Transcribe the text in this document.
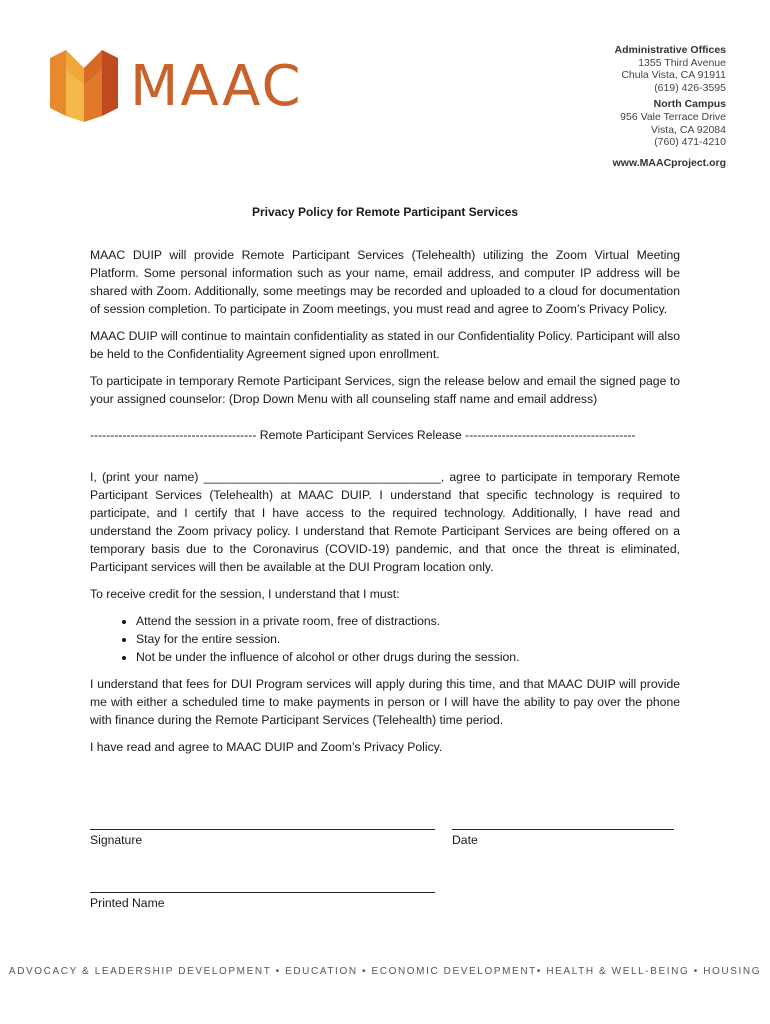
MAAC
Administrative Offices
1355 Third Avenue
Chula Vista, CA 91911
(619) 426-3595
North Campus
956 Vale Terrace Drive
Vista, CA 92084
(760) 471-4210
www.MAACproject.org
Privacy Policy for Remote Participant Services

MAAC DUIP will provide Remote Participant Services (Telehealth) utilizing the Zoom Virtual Meeting Platform. Some personal information such as your name, email address, and computer IP address will be shared with Zoom. Additionally, some meetings may be recorded and uploaded to a cloud for documentation of session completion. To participate in Zoom meetings, you must read and agree to Zoom’s Privacy Policy.

MAAC DUIP will continue to maintain confidentiality as stated in our Confidentiality Policy. Participant will also be held to the Confidentiality Agreement signed upon enrollment.

To participate in temporary Remote Participant Services, sign the release below and email the signed page to your assigned counselor: (Drop Down Menu with all counseling staff name and email address)

----------------------------------------- Remote Participant Services Release ------------------------------------------

I, (print your name) ___________________________________, agree to participate in temporary Remote Participant Services (Telehealth) at MAAC DUIP. I understand that specific technology is required to participate, and I certify that I have access to the required technology. Additionally, I have read and understand the Zoom privacy policy. I understand that Remote Participant Services are being offered on a temporary basis due to the Coronavirus (COVID-19) pandemic, and that once the threat is eliminated, Participant services will then be available at the DUI Program location only.

To receive credit for the session, I understand that I must:

• Attend the session in a private room, free of distractions.
• Stay for the entire session.
• Not be under the influence of alcohol or other drugs during the session.

I understand that fees for DUI Program services will apply during this time, and that MAAC DUIP will provide me with either a scheduled time to make payments in person or I will have the ability to pay over the phone with finance during the Remote Participant Services (Telehealth) time period.

I have read and agree to MAAC DUIP and Zoom’s Privacy Policy.

Signature	Date
Printed Name
ADVOCACY & LEADERSHIP DEVELOPMENT • EDUCATION • ECONOMIC DEVELOPMENT• HEALTH & WELL-BEING • HOUSING
